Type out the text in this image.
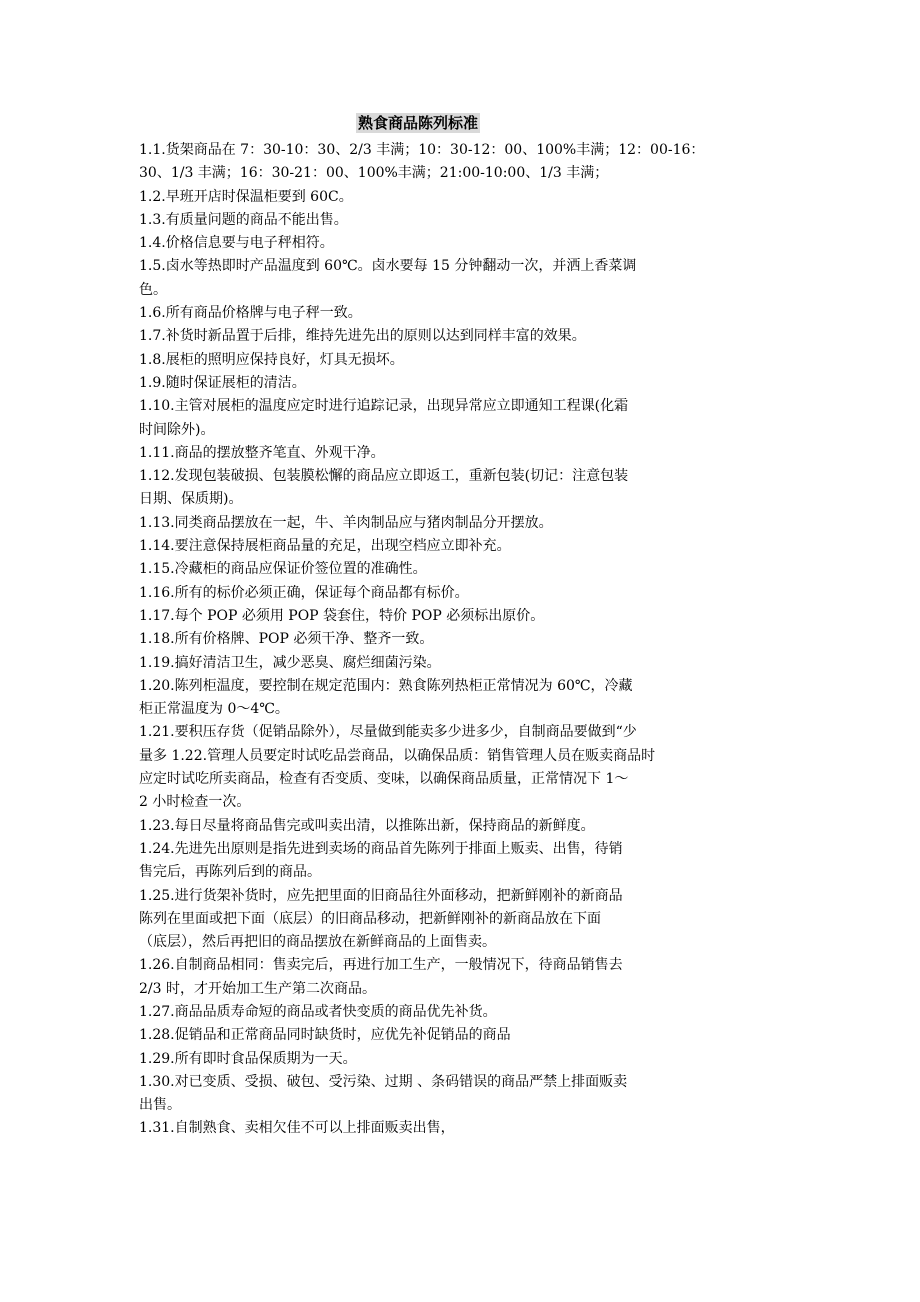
熟食商品陈列标准
1.1.货架商品在 7：30-10：30、2/3 丰满；10：30-12：00、100%丰满；12：00-16：
30、1/3 丰满；16：30-21：00、100%丰满；21:00-10:00、1/3 丰满；
1.2.早班开店时保温柜要到 60C。
1.3.有质量问题的商品不能出售。
1.4.价格信息要与电子秤相符。
1.5.卤水等热即时产品温度到 60℃。卤水要每 15 分钟翻动一次，并洒上香菜调
色。
1.6.所有商品价格牌与电子秤一致。
1.7.补货时新品置于后排，维持先进先出的原则以达到同样丰富的效果。
1.8.展柜的照明应保持良好，灯具无损坏。
1.9.随时保证展柜的清洁。
1.10.主管对展柜的温度应定时进行追踪记录，出现异常应立即通知工程课(化霜
时间除外)。
1.11.商品的摆放整齐笔直、外观干净。
1.12.发现包装破损、包装膜松懈的商品应立即返工，重新包装(切记：注意包装
日期、保质期)。
1.13.同类商品摆放在一起，牛、羊肉制品应与猪肉制品分开摆放。
1.14.要注意保持展柜商品量的充足，出现空档应立即补充。
1.15.冷藏柜的商品应保证价签位置的准确性。
1.16.所有的标价必须正确，保证每个商品都有标价。
1.17.每个 POP 必须用 POP 袋套住，特价 POP 必须标出原价。
1.18.所有价格牌、POP 必须干净、整齐一致。
1.19.搞好清洁卫生，减少恶臭、腐烂细菌污染。
1.20.陈列柜温度，要控制在规定范围内：熟食陈列热柜正常情况为 60℃，冷藏
柜正常温度为 0～4℃。
1.21.要积压存货（促销品除外），尽量做到能卖多少进多少，自制商品要做到“少
量多 1.22.管理人员要定时试吃品尝商品，以确保品质：销售管理人员在贩卖商品时
应定时试吃所卖商品，检查有否变质、变味，以确保商品质量，正常情况下 1～
2 小时检查一次。
1.23.每日尽量将商品售完或叫卖出清，以推陈出新，保持商品的新鲜度。
1.24.先进先出原则是指先进到卖场的商品首先陈列于排面上贩卖、出售，待销
售完后，再陈列后到的商品。
1.25.进行货架补货时，应先把里面的旧商品往外面移动，把新鲜刚补的新商品
陈列在里面或把下面（底层）的旧商品移动，把新鲜刚补的新商品放在下面
（底层），然后再把旧的商品摆放在新鲜商品的上面售卖。
1.26.自制商品相同：售卖完后，再进行加工生产，一般情况下，待商品销售去
2/3 时，才开始加工生产第二次商品。
1.27.商品品质寿命短的商品或者快变质的商品优先补货。
1.28.促销品和正常商品同时缺货时，应优先补促销品的商品
1.29.所有即时食品保质期为一天。
1.30.对已变质、受损、破包、受污染、过期 、条码错误的商品严禁上排面贩卖
出售。
1.31.自制熟食、卖相欠佳不可以上排面贩卖出售，
